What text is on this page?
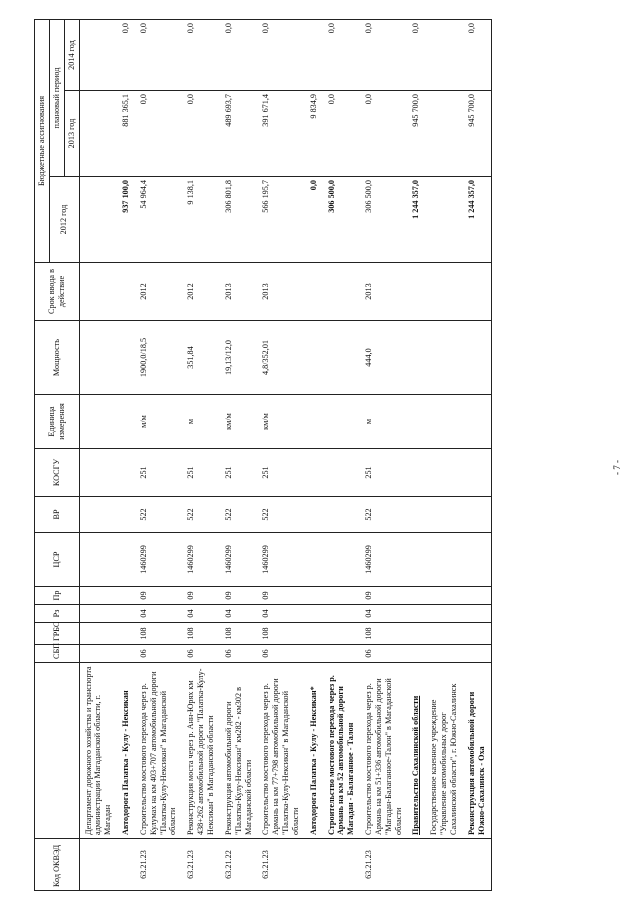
Код ОКВЭД		СБП	ГРБС	Рз	Пр	ЦСР	ВР	КОСГУ	Единица измерения	Мощность	Срок ввода в действие	Бюджетные ассигнования		
												2012 год	плановый период	
													2013 год	2014 год
	Департамент дорожного хозяйства и транспорта администрации Магаданской области, г. Магадан													
	Автодорога Палатка - Кулу - Нексикан											937 100,0	881 365,1	0,0
63.21.23	Строительство мостового перехода через р. Кулумах на км 403+707 автомобильной дороги "Палатка-Кулу-Нексикан" в Магаданской области	06	108	04	09	1460299	522	251	м/м	1900,0/18,5	2012	54 964,4	0,0	0,0
63.21.23	Реконструкция моста через р. Анн-Юрях км 438+262 автомобильной дороги "Палатка-Кулу-Нексикан" в Магаданской области	06	108	04	09	1460299	522	251	м	351,84	2012	9 138,1	0,0	0,0
63.21.22	Реконструкция автомобильной дороги "Палатка-Кулу-Нексикан" км282 - км302 в Магаданской области	06	108	04	09	1460299	522	251	км/м	19,13/12,0	2013	306 801,8	489 693,7	0,0
63.21.23	Строительство мостового перехода через р. Армань на км 77+798 автомобильной дороги "Палатка-Кулу-Нексикан" в Магаданской области	06	108	04	09	1460299	522	251	км/м	4,8/352,01	2013	566 195,7	391 671,4	0,0
	Автодорога Палатка - Кулу - Нексикан*											0,0	9 834,9	
	Строительство мостового перехода через р. Армань на км 52 автомобильной дороги Магадан - Балаганное - Талон											306 500,0	0,0	0,0
63.21.23	Строительство мостового перехода через р. Армань на км 51+336 автомобильной дороги "Магадан-Балаганное-Талон" в Магаданской области	06	108	04	09	1460299	522	251	м	444,0	2013	306 500,0	0,0	0,0
	Правительство Сахалинской области											1 244 357,0	945 700,0	0,0
	Государственное казенное учреждение "Управление автомобильных дорог Сахалинской области", г. Южно-Сахалинск													
	Реконструкция автомобильной дороги Южно-Сахалинск - Оха											1 244 357,0	945 700,0	0,0
- 7 -
